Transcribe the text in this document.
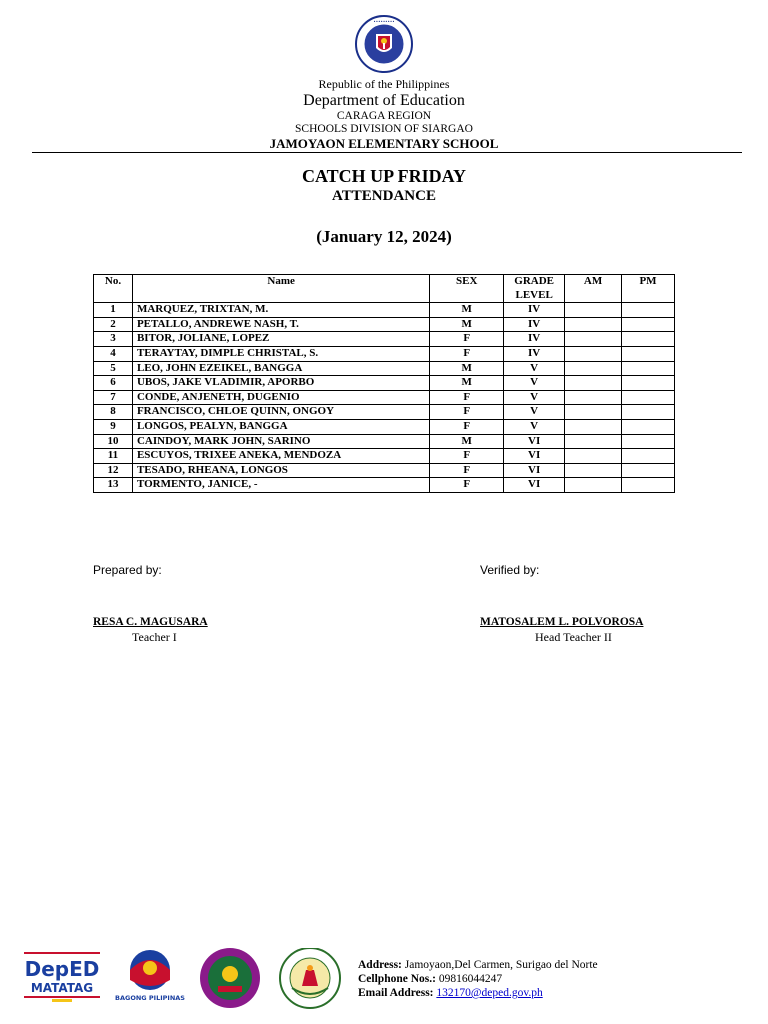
•••••••••
Republic of the Philippines
Department of Education
CARAGA REGION
SCHOOLS DIVISION OF SIARGAO
JAMOYAON ELEMENTARY SCHOOL
CATCH UP FRIDAY
ATTENDANCE
(January 12, 2024)
No.	Name	SEX	GRADE LEVEL	AM	PM
1	MARQUEZ, TRIXTAN, M.	M	IV		
2	PETALLO, ANDREWE NASH, T.	M	IV		
3	BITOR, JOLIANE, LOPEZ	F	IV		
4	TERAYTAY, DIMPLE CHRISTAL, S.	F	IV		
5	LEO, JOHN EZEIKEL, BANGGA	M	V		
6	UBOS, JAKE VLADIMIR, APORBO	M	V		
7	CONDE, ANJENETH, DUGENIO	F	V		
8	FRANCISCO, CHLOE QUINN, ONGOY	F	V		
9	LONGOS, PEALYN, BANGGA	F	V		
10	CAINDOY, MARK JOHN, SARINO	M	VI		
11	ESCUYOS, TRIXEE ANEKA, MENDOZA	F	VI		
12	TESADO, RHEANA, LONGOS	F	VI		
13	TORMENTO, JANICE, -	F	VI		
Prepared by:	Verified by:
RESA C. MAGUSARA
Teacher I
MATOSALEM L. POLVOROSA
Head Teacher II
DepED
MATATAG
BAGONG PILIPINAS
Address: Jamoyaon,Del Carmen, Surigao del Norte
Cellphone Nos.: 09816044247
Email Address: 132170@deped.gov.ph
